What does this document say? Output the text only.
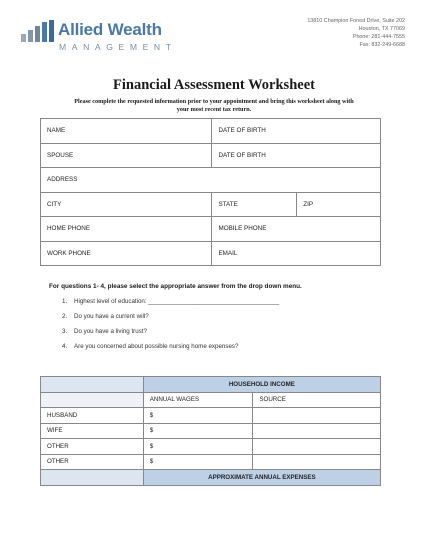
Allied Wealth
MANAGEMENT
13810 Champion Forest Drive, Suite 202
Houston, TX 77069
Phone: 281-444-7555
Fax: 832-249-6688
Financial Assessment Worksheet
Please complete the requested information prior to your appointment and bring this worksheet along with
your most recent tax return.
NAME	DATE OF BIRTH	
SPOUSE	DATE OF BIRTH	
ADDRESS		
CITY	STATE	ZIP
HOME PHONE	MOBILE PHONE	
WORK PHONE	EMAIL	
For questions 1- 4, please select the appropriate answer from the drop down menu.
1. Highest level of education: ______________________________________
2. Do you have a current will?
3. Do you have a living trust?
4. Are you concerned about possible nursing home expenses?
	HOUSEHOLD INCOME	
	ANNUAL WAGES	SOURCE
HUSBAND	$	
WIFE	$	
OTHER	$	
OTHER	$	
	APPROXIMATE ANNUAL EXPENSES	
